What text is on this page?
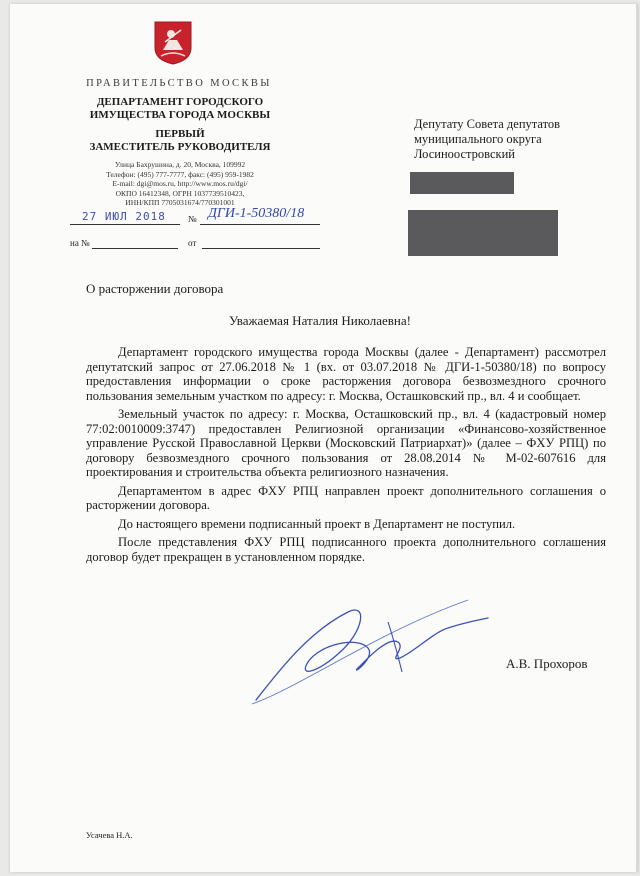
ПРАВИТЕЛЬСТВО МОСКВЫ
ДЕПАРТАМЕНТ ГОРОДСКОГО
ИМУЩЕСТВА ГОРОДА МОСКВЫ
ПЕРВЫЙ
ЗАМЕСТИТЕЛЬ РУКОВОДИТЕЛЯ
Улица Бахрушина, д. 20, Москва, 109992
Телефон: (495) 777-7777, факс: (495) 959-1982
E-mail: dgi@mos.ru, http://www.mos.ru/dgi/
ОКПО 16412348, ОГРН 1037739510423,
ИНН/КПП 7705031674/770301001
27 ИЮЛ 2018 № ДГИ-1-50380/18
на №	от
Депутату Совета депутатов
муниципального округа
Лосиноостровский
О расторжении договора
Уважаемая Наталия Николаевна!

Департамент городского имущества города Москвы (далее - Департамент) рассмотрел депутатский запрос от 27.06.2018 № 1 (вх. от 03.07.2018 № ДГИ-1-50380/18) по вопросу предоставления информации о сроке расторжения договора безвозмездного срочного пользования земельным участком по адресу: г. Москва, Осташковский пр., вл. 4 и сообщает.

Земельный участок по адресу: г. Москва, Осташковский пр., вл. 4 (кадастровый номер 77:02:0010009:3747) предоставлен Религиозной организации «Финансово-хозяйственное управление Русской Православной Церкви (Московский Патриархат)» (далее – ФХУ РПЦ) по договору безвозмездного срочного пользования от 28.08.2014 № М-02-607616 для проектирования и строительства объекта религиозного назначения.

Департаментом в адрес ФХУ РПЦ направлен проект дополнительного соглашения о расторжении договора.

До настоящего времени подписанный проект в Департамент не поступил.

После представления ФХУ РПЦ подписанного проекта дополнительного соглашения договор будет прекращен в установленном порядке.

А.В. Прохоров
Усачева Н.А.
